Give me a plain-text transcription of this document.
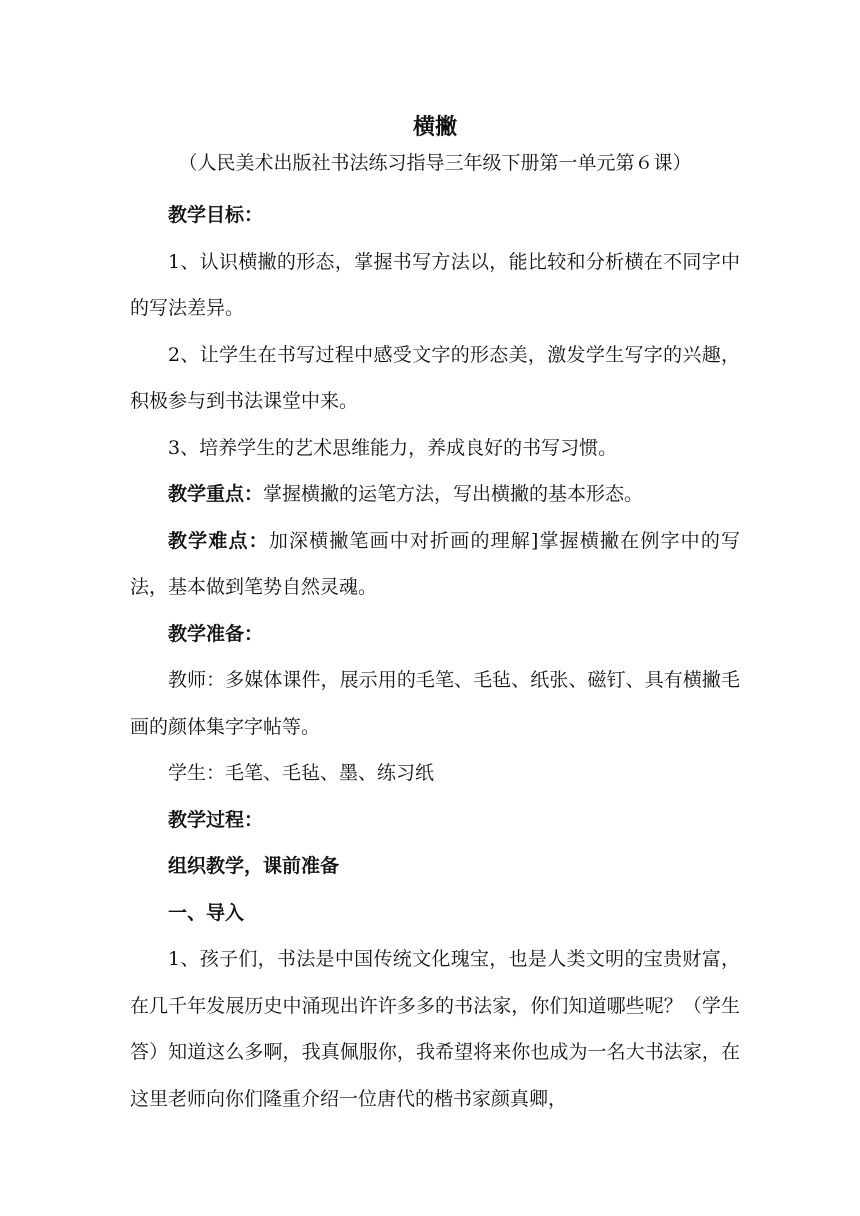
横撇
（人民美术出版社书法练习指导三年级下册第一单元第６课）

教学目标：

1、认识横撇的形态，掌握书写方法以，能比较和分析横在不同字中的写法差异。

2、让学生在书写过程中感受文字的形态美，激发学生写字的兴趣，积极参与到书法课堂中来。

3、培养学生的艺术思维能力，养成良好的书写习惯。

教学重点：掌握横撇的运笔方法，写出横撇的基本形态。

教学难点：加深横撇笔画中对折画的理解]掌握横撇在例字中的写法，基本做到笔势自然灵魂。

教学准备：

教师：多媒体课件，展示用的毛笔、毛毡、纸张、磁钉、具有横撇毛画的颜体集字字帖等。

学生：毛笔、毛毡、墨、练习纸

教学过程：

组织教学，课前准备

一、导入

1、孩子们，书法是中国传统文化瑰宝，也是人类文明的宝贵财富，在几千年发展历史中涌现出许许多多的书法家，你们知道哪些呢？（学生答）知道这么多啊，我真佩服你，我希望将来你也成为一名大书法家，在这里老师向你们隆重介绍一位唐代的楷书家颜真卿，
